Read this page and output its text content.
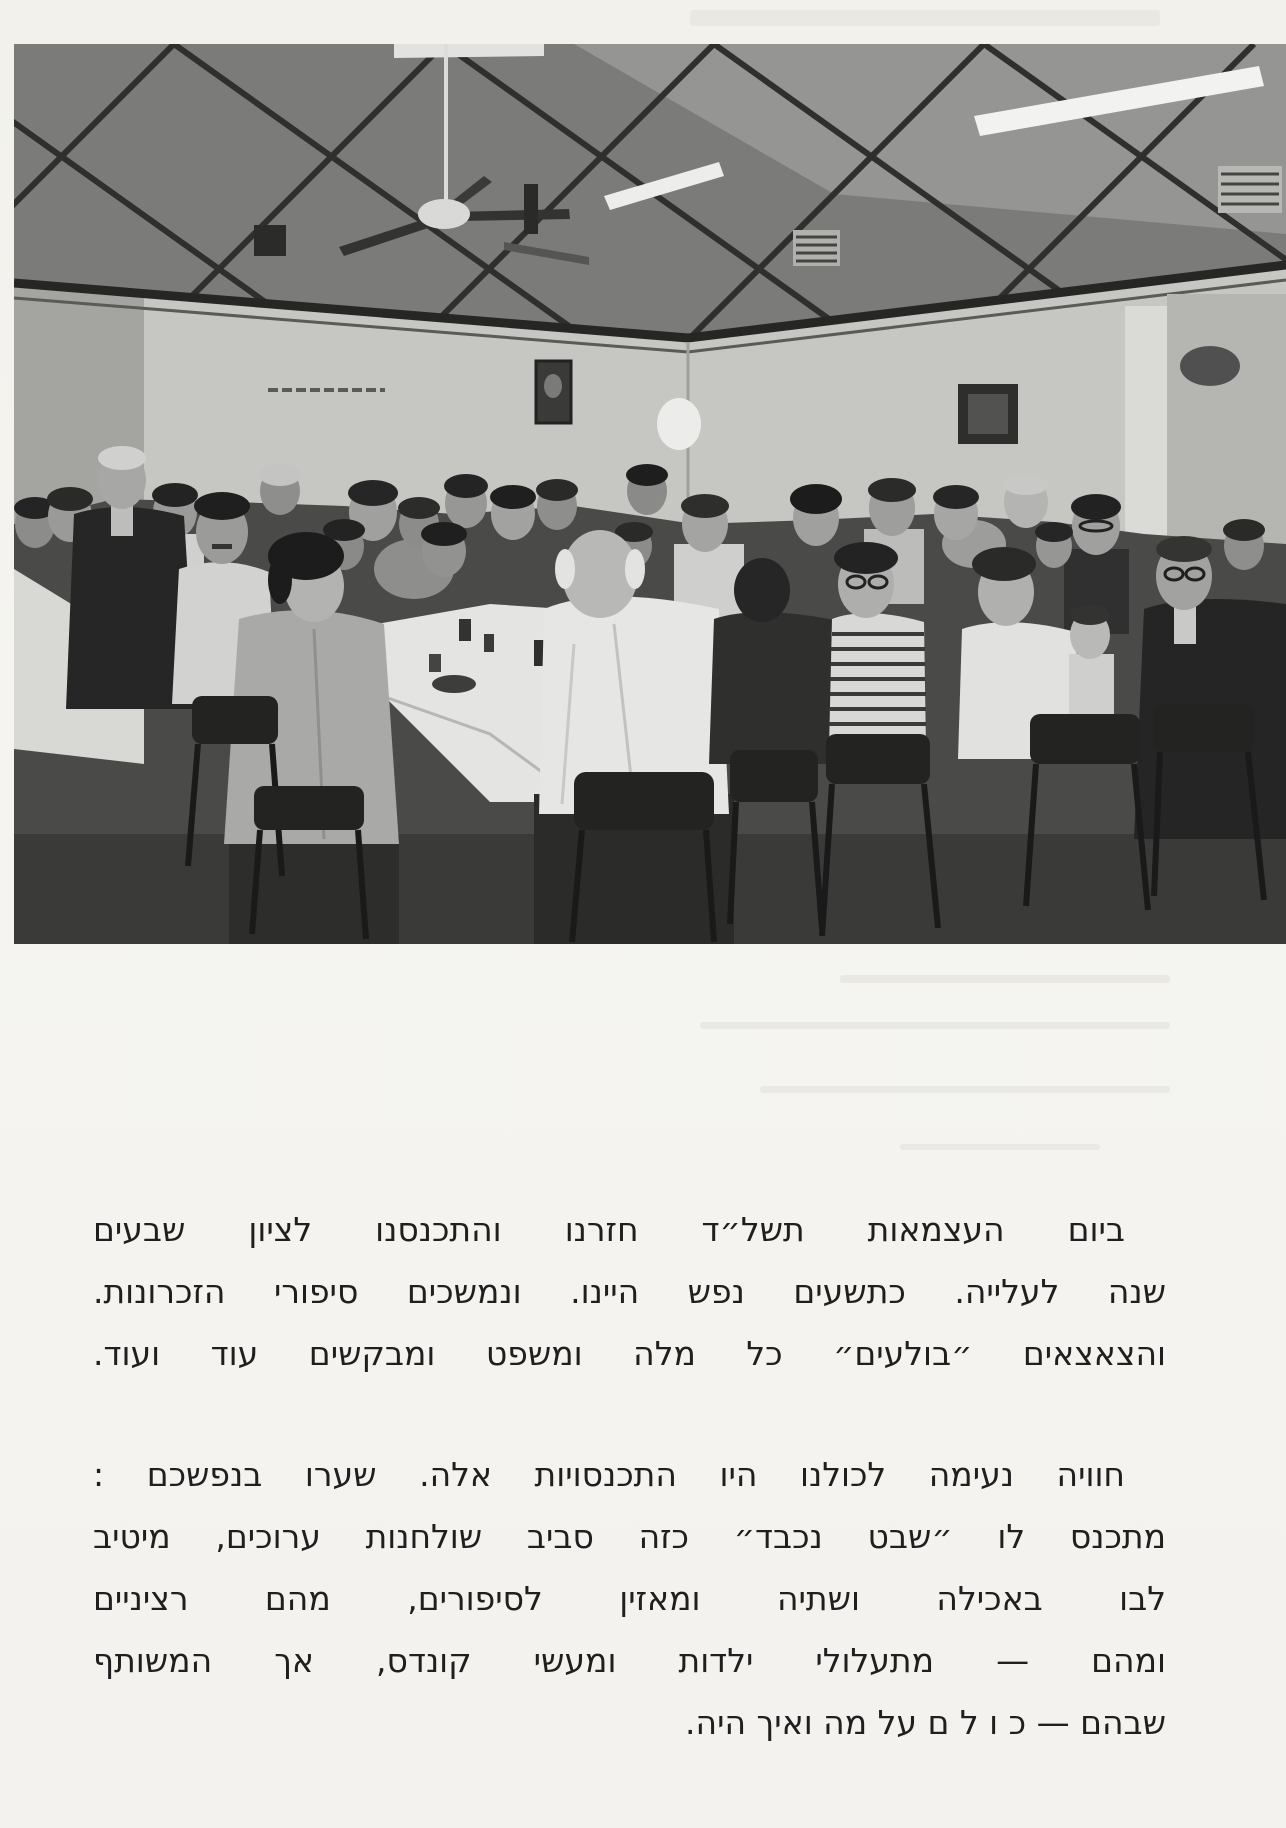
ביום העצמאות תשל״ד חזרנו והתכנסנו לציון שבעים
שנה לעלייה. כתשעים נפש היינו. ונמשכים סיפורי הזכרונות.
והצאצאים ״בולעים״ כל מלה ומשפט ומבקשים עוד ועוד.
חוויה נעימה לכולנו היו התכנסויות אלה. שערו בנפשכם :
מתכנס לו ״שבט נכבד״ כזה סביב שולחנות ערוכים, מיטיב
לבו באכילה ושתיה ומאזין לסיפורים, מהם רציניים
ומהם — מתעלולי ילדות ומעשי קונדס, אך המשותף
שבהם — כ ו ל ם על מה ואיך היה.
